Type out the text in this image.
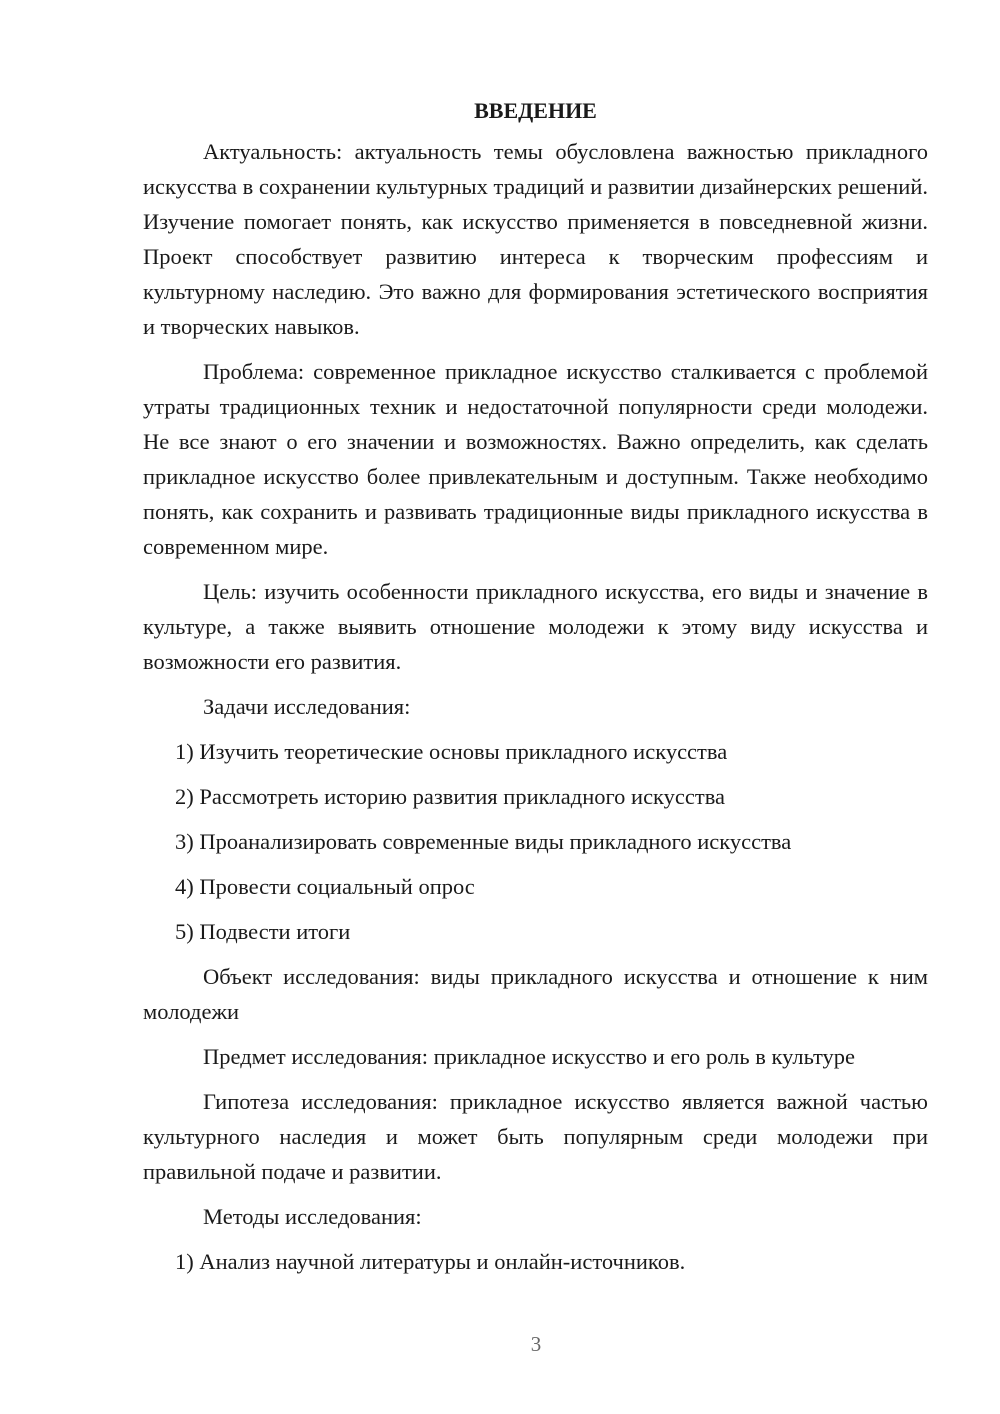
ВВЕДЕНИЕ
Актуальность: актуальность темы обусловлена важностью прикладного искусства в сохранении культурных традиций и развитии дизайнерских решений. Изучение помогает понять, как искусство применяется в повседневной жизни. Проект способствует развитию интереса к творческим профессиям и культурному наследию. Это важно для формирования эстетического восприятия и творческих навыков.
Проблема: современное прикладное искусство сталкивается с проблемой утраты традиционных техник и недостаточной популярности среди молодежи. Не все знают о его значении и возможностях. Важно определить, как сделать прикладное искусство более привлекательным и доступным. Также необходимо понять, как сохранить и развивать традиционные виды прикладного искусства в современном мире.
Цель: изучить особенности прикладного искусства, его виды и значение в культуре, а также выявить отношение молодежи к этому виду искусства и возможности его развития.
Задачи исследования:
1) Изучить теоретические основы прикладного искусства
2) Рассмотреть историю развития прикладного искусства
3) Проанализировать современные виды прикладного искусства
4) Провести социальный опрос
5) Подвести итоги
Объект исследования: виды прикладного искусства и отношение к ним молодежи
Предмет исследования: прикладное искусство и его роль в культуре
Гипотеза исследования: прикладное искусство является важной частью культурного наследия и может быть популярным среди молодежи при правильной подаче и развитии.
Методы исследования:
1) Анализ научной литературы и онлайн-источников.
3
